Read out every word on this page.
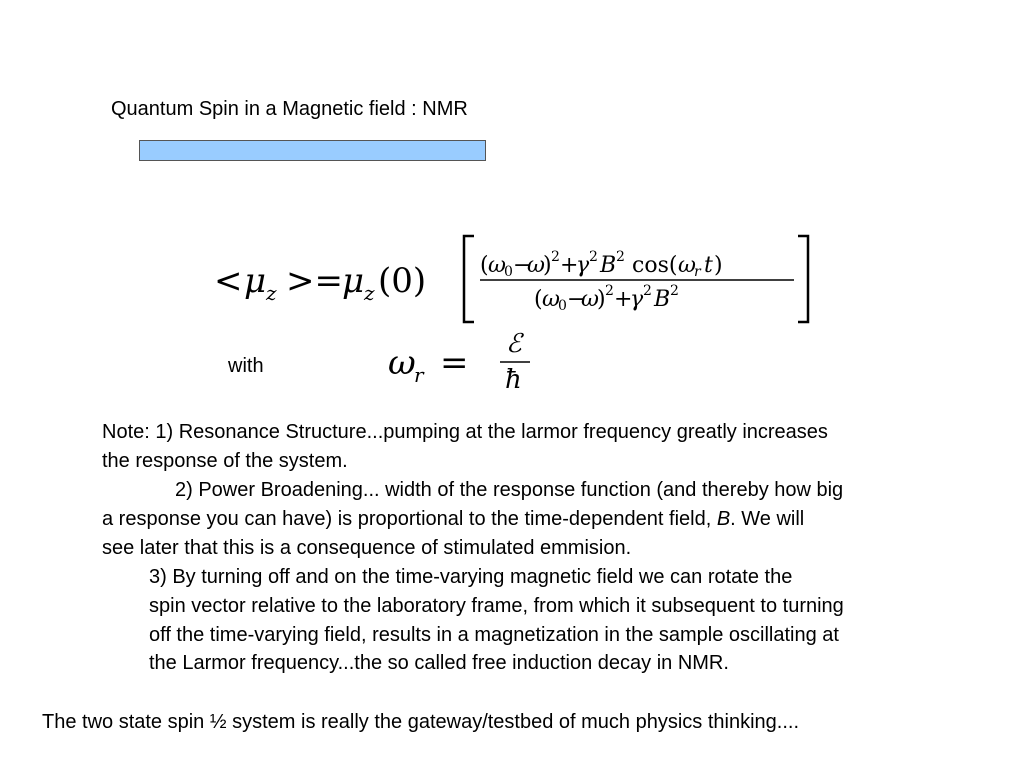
Quantum Spin in a Magnetic field : NMR
< μ z >= μ z (0) ( ω
0 −
ω
) 2 +
γ 2 B 2 cos( ω
r t )
( ω
0 −
ω
) 2 +
γ 2 B 2
with	ω
r = ℰ
ħ
Note: 1) Resonance Structure...pumping at the larmor frequency greatly increases
the response of the system.
2) Power Broadening... width of the response function (and thereby how big
a response you can have) is proportional to the time-dependent field, B. We will
see later that this is a consequence of stimulated emmision.
3) By turning off and on the time-varying magnetic field we can rotate the
spin vector relative to the laboratory frame, from which it subsequent to turning
off the time-varying field, results in a magnetization in the sample oscillating at
the Larmor frequency...the so called free induction decay in NMR.
The two state spin ½ system is really the gateway/testbed of much physics thinking....
